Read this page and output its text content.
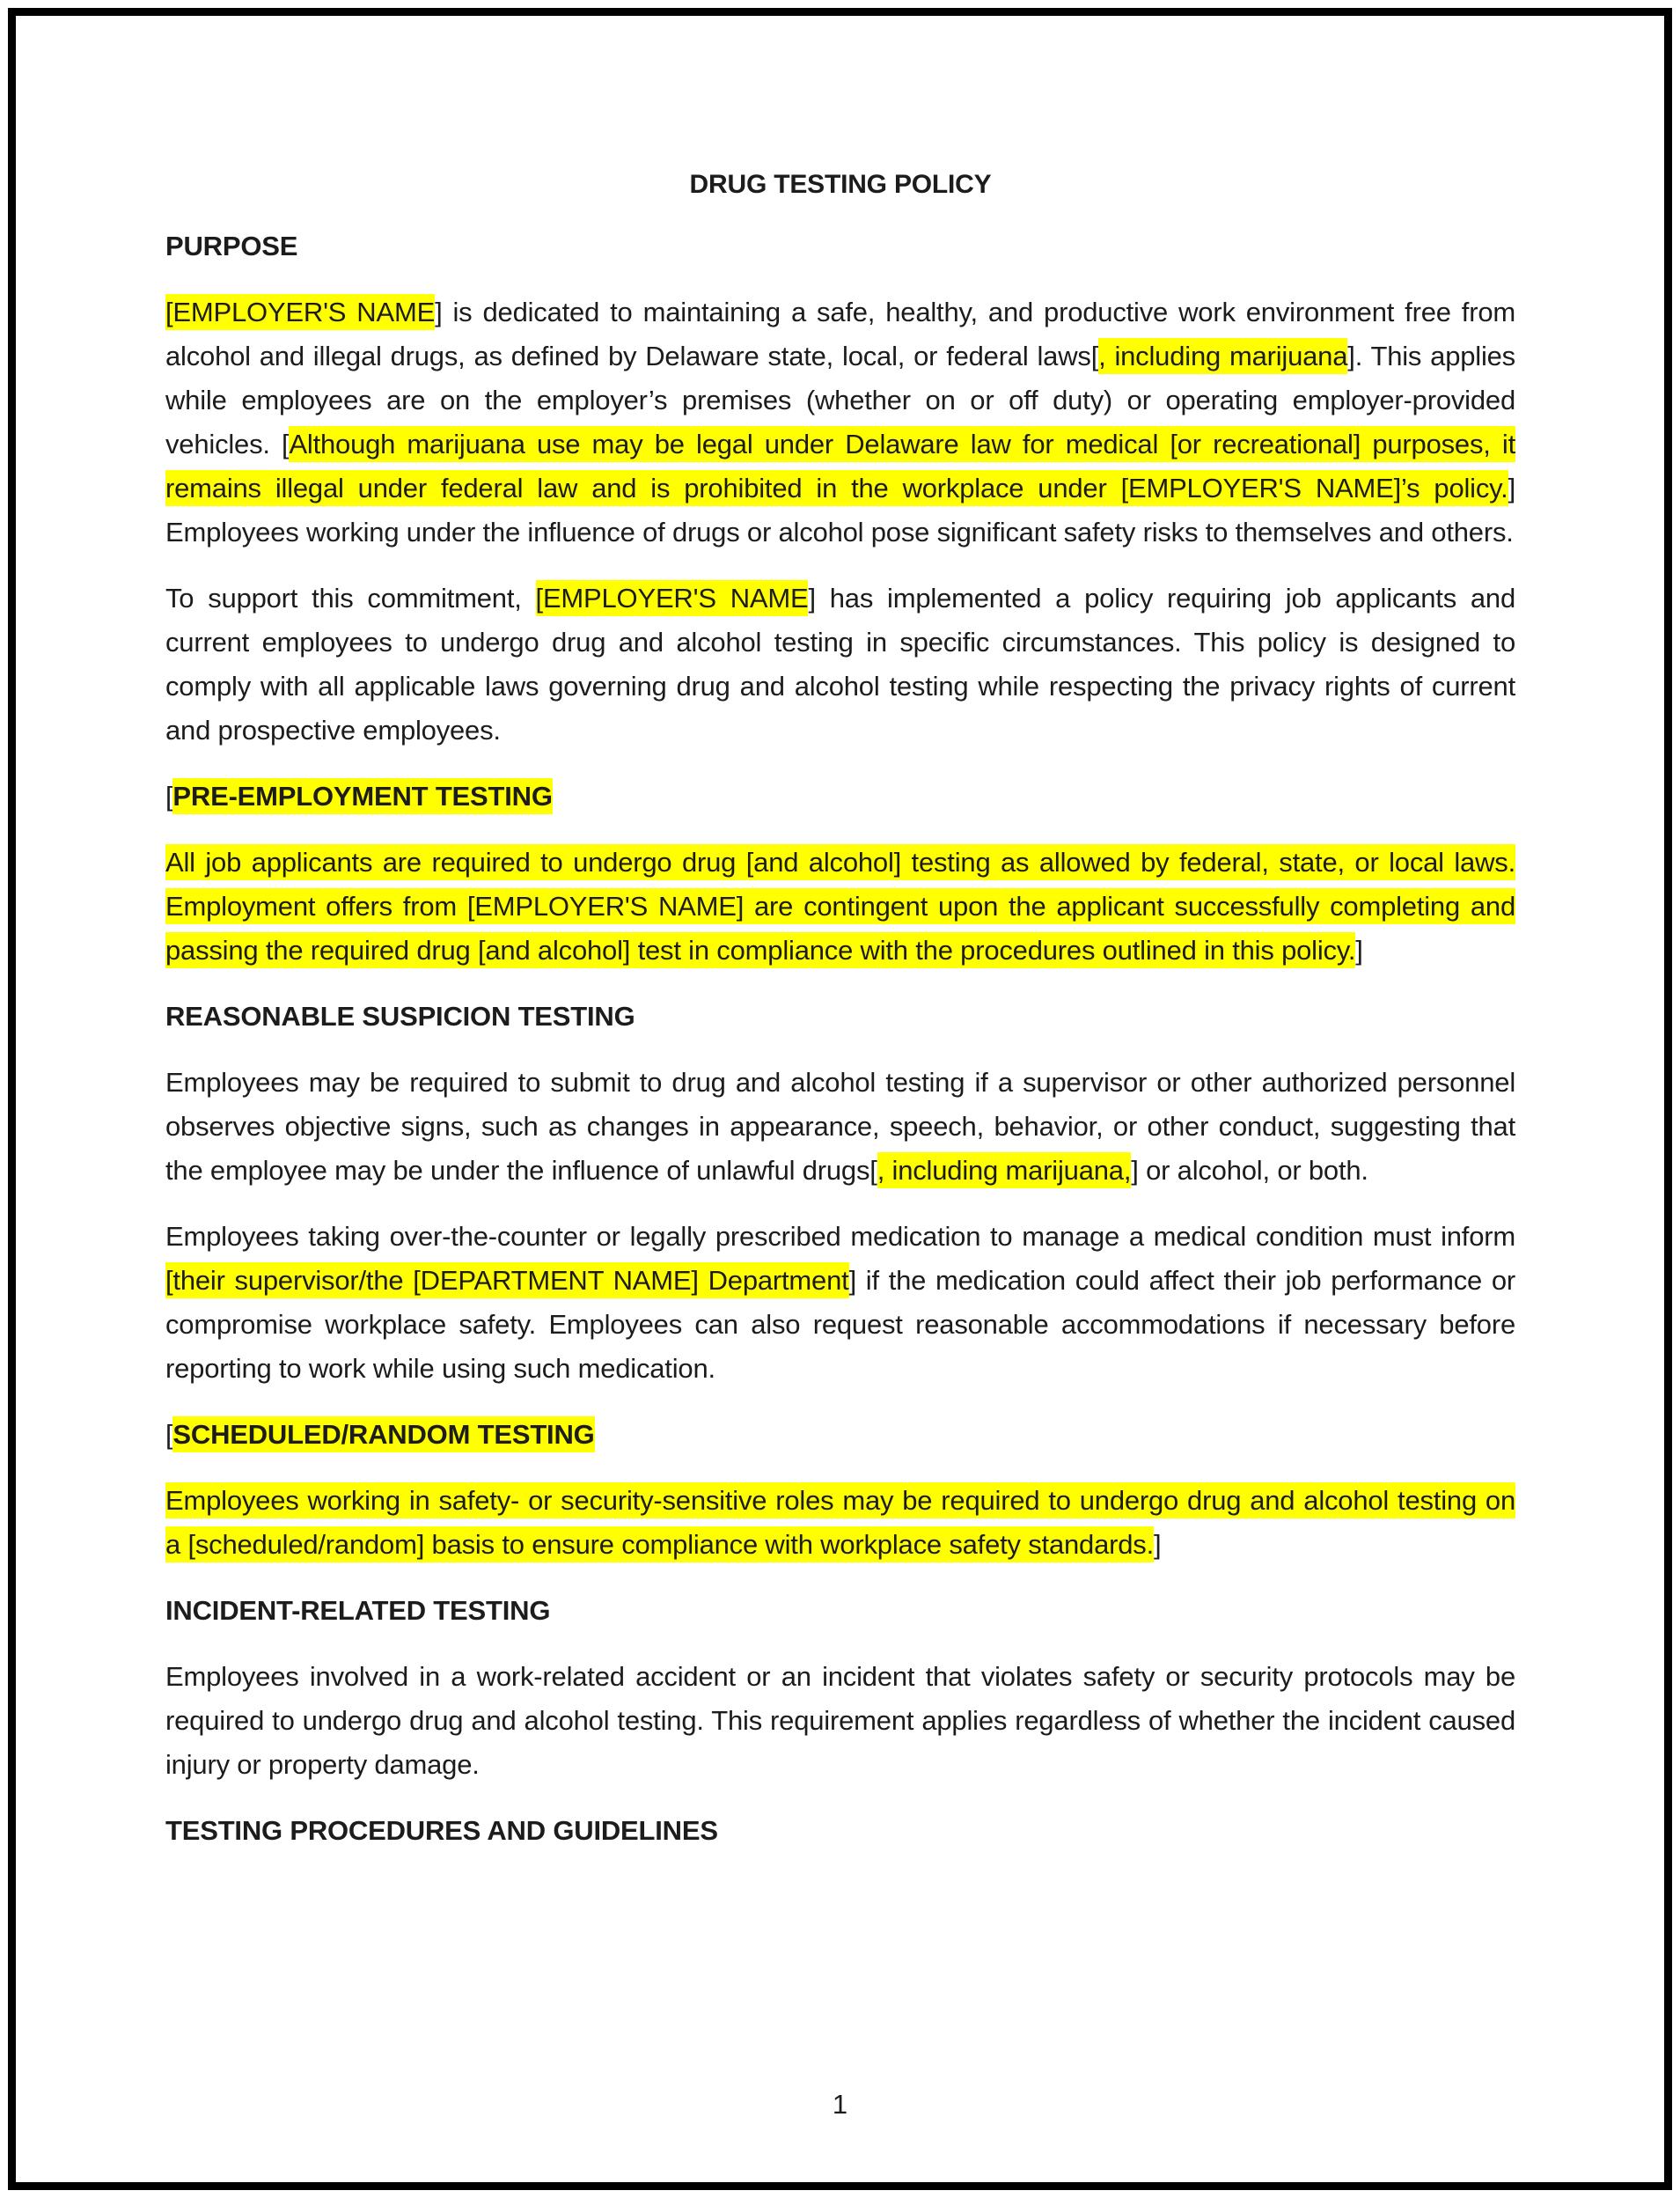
DRUG TESTING POLICY
PURPOSE

[EMPLOYER'S NAME] is dedicated to maintaining a safe, healthy, and productive work environment free from alcohol and illegal drugs, as defined by Delaware state, local, or federal laws[, including marijuana]. This applies while employees are on the employer’s premises (whether on or off duty) or operating employer-provided vehicles. [Although marijuana use may be legal under Delaware law for medical [or recreational] purposes, it remains illegal under federal law and is prohibited in the workplace under [EMPLOYER'S NAME]’s policy.] Employees working under the influence of drugs or alcohol pose significant safety risks to themselves and others.

To support this commitment, [EMPLOYER'S NAME] has implemented a policy requiring job applicants and current employees to undergo drug and alcohol testing in specific circumstances. This policy is designed to comply with all applicable laws governing drug and alcohol testing while respecting the privacy rights of current and prospective employees.

[PRE-EMPLOYMENT TESTING

All job applicants are required to undergo drug [and alcohol] testing as allowed by federal, state, or local laws. Employment offers from [EMPLOYER'S NAME] are contingent upon the applicant successfully completing and passing the required drug [and alcohol] test in compliance with the procedures outlined in this policy.]

REASONABLE SUSPICION TESTING

Employees may be required to submit to drug and alcohol testing if a supervisor or other authorized personnel observes objective signs, such as changes in appearance, speech, behavior, or other conduct, suggesting that the employee may be under the influence of unlawful drugs[, including marijuana,] or alcohol, or both.

Employees taking over-the-counter or legally prescribed medication to manage a medical condition must inform [their supervisor/the [DEPARTMENT NAME] Department] if the medication could affect their job performance or compromise workplace safety. Employees can also request reasonable accommodations if necessary before reporting to work while using such medication.

[SCHEDULED/RANDOM TESTING

Employees working in safety- or security-sensitive roles may be required to undergo drug and alcohol testing on a [scheduled/random] basis to ensure compliance with workplace safety standards.]

INCIDENT-RELATED TESTING

Employees involved in a work-related accident or an incident that violates safety or security protocols may be required to undergo drug and alcohol testing. This requirement applies regardless of whether the incident caused injury or property damage.

TESTING PROCEDURES AND GUIDELINES
1
